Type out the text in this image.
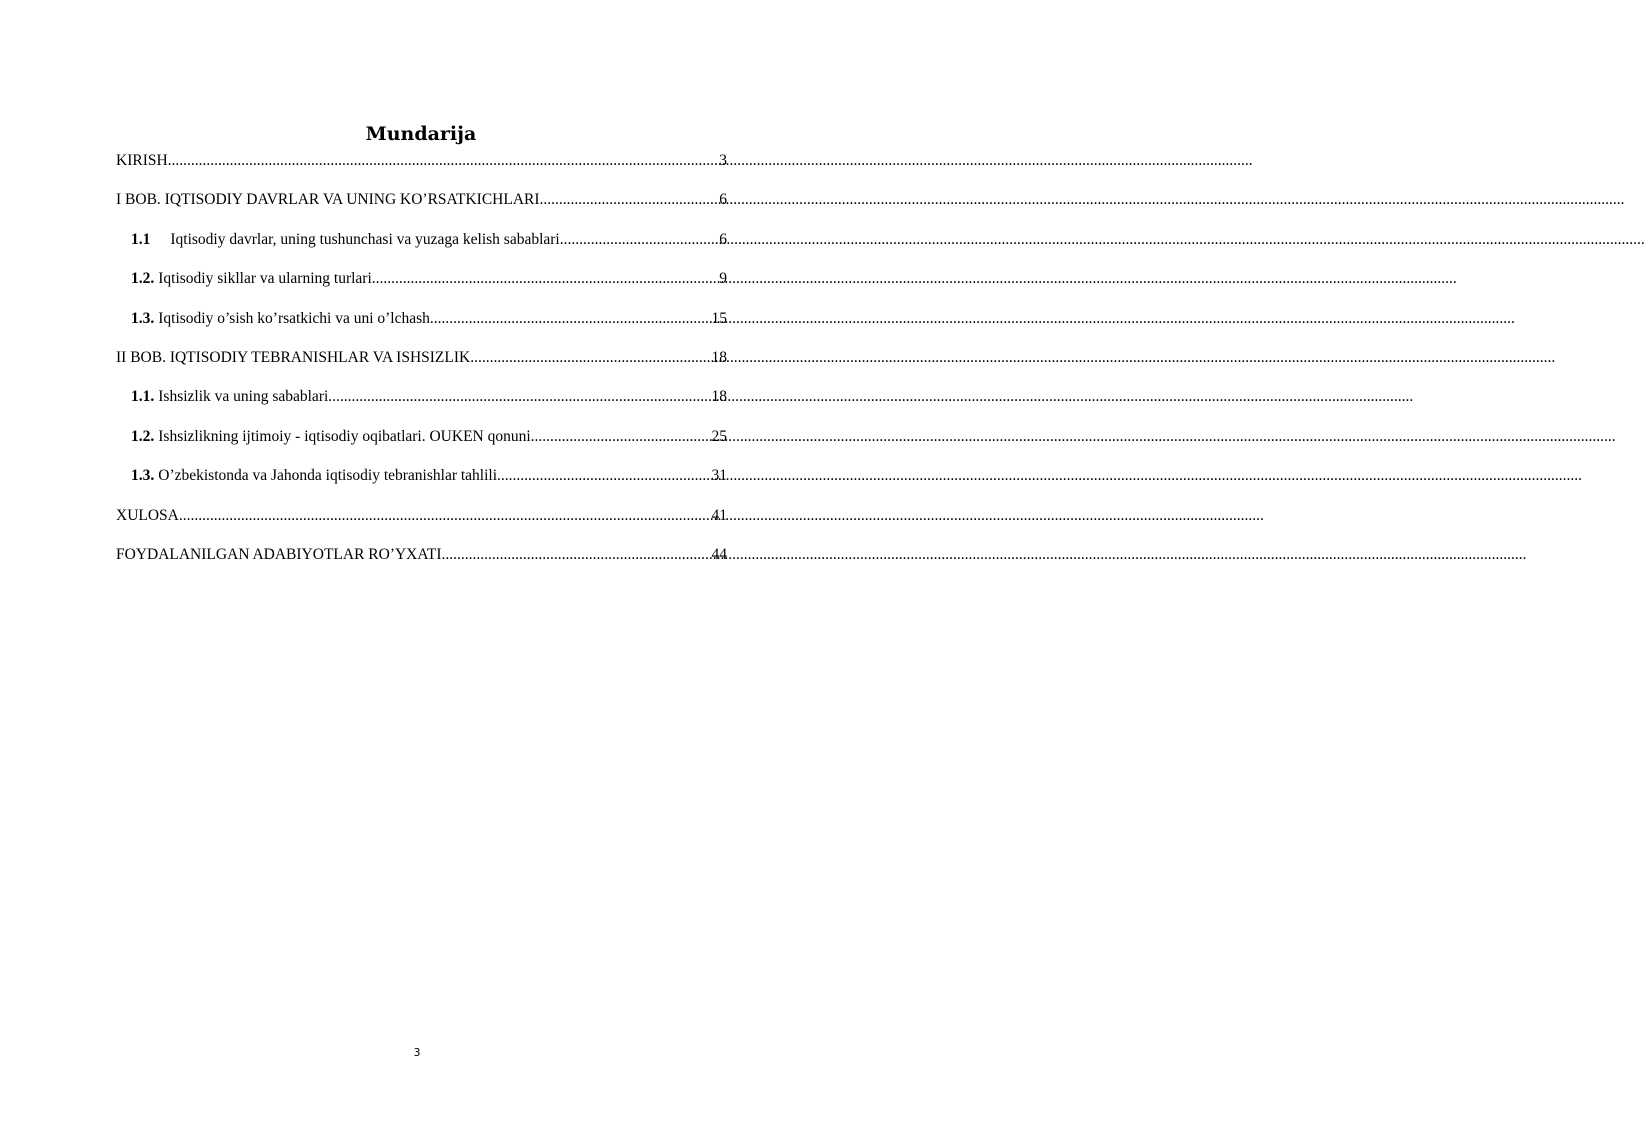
Mundarija
KIRISH .....	3
I BOB. IQTISODIY DAVRLAR VA UNING KO’RSATKICHLARI .....	6
1.1 Iqtisodiy davrlar, uning tushunchasi va yuzaga kelish sabablari .....	6
1.2. Iqtisodiy sikllar va ularning turlari .....	9
1.3. Iqtisodiy o’sish ko’rsatkichi va uni o’lchash .....	15
II BOB. IQTISODIY TEBRANISHLAR VA ISHSIZLIK .....	18
1.1. Ishsizlik va uning sabablari .....	18
1.2. Ishsizlikning ijtimoiy - iqtisodiy oqibatlari. OUKEN qonuni .....	25
1.3. O’zbekistonda va Jahonda iqtisodiy tebranishlar tahlili .....	31
XULOSA .....	41
FOYDALANILGAN ADABIYOTLAR RO’YXATI .....	44
3
